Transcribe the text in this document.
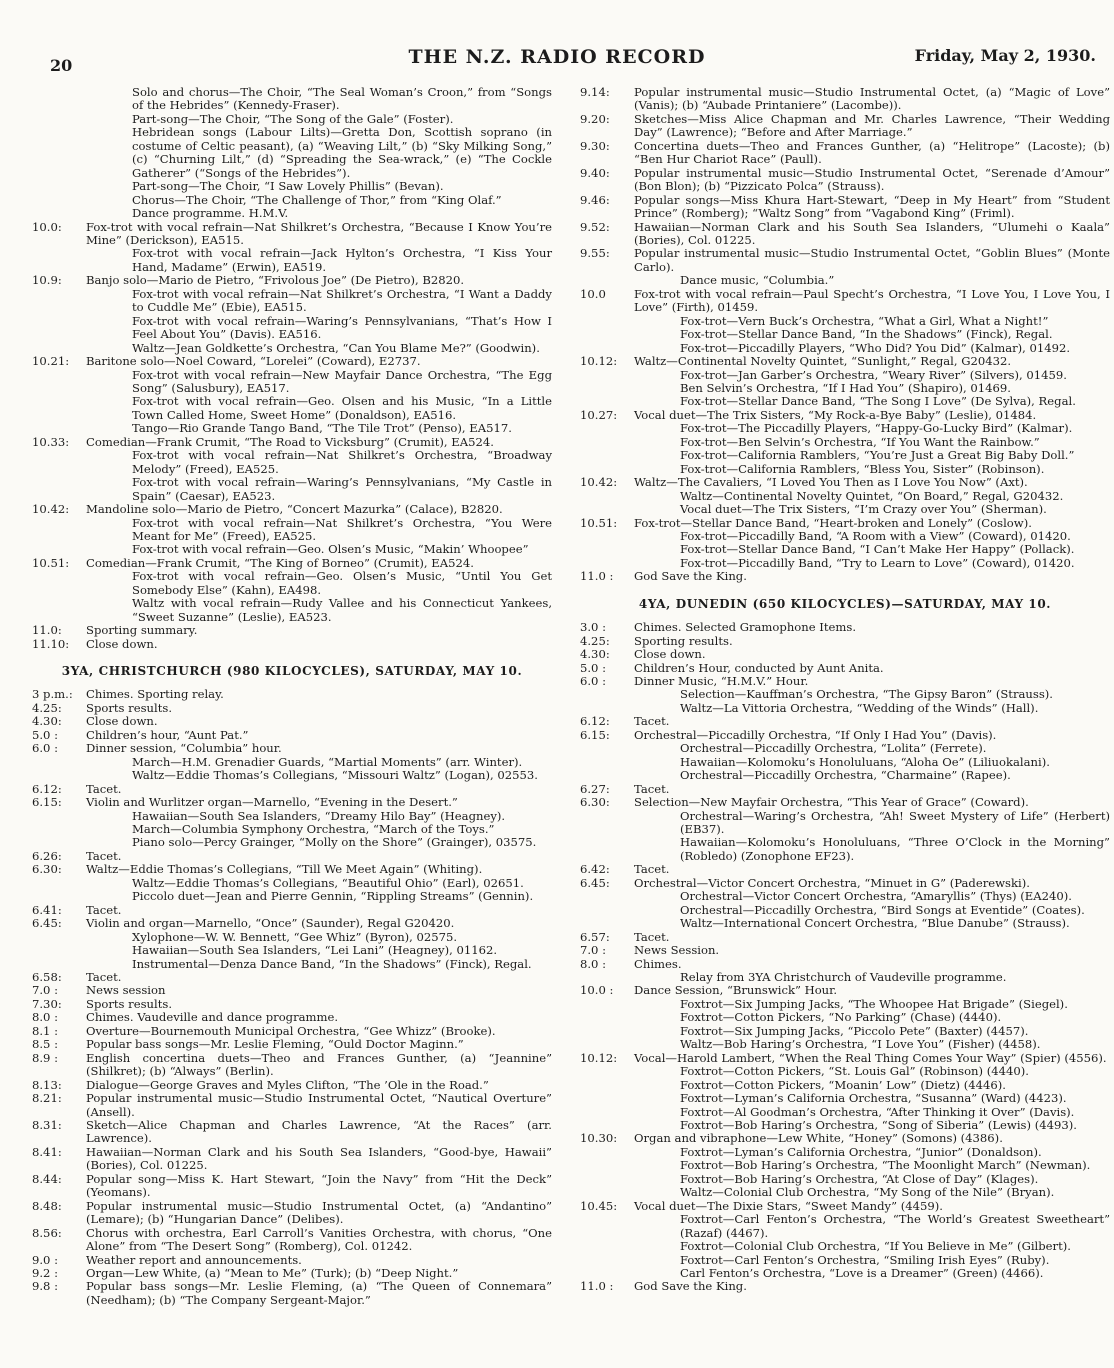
20	THE N.Z. RADIO RECORD	Friday, May 2, 1930.
Solo and chorus—The Choir, “The Seal Woman’s Croon,” from “Songs of the Hebrides” (Kennedy-Fraser).
Part-song—The Choir, “The Song of the Gale” (Foster).
Hebridean songs (Labour Lilts)—Gretta Don, Scottish soprano (in costume of Celtic peasant), (a) “Weaving Lilt,” (b) “Sky Milking Song,” (c) “Churning Lilt,” (d) “Spreading the Sea-wrack,” (e) “The Cockle Gatherer” (“Songs of the Hebrides”).
Part-song—The Choir, “I Saw Lovely Phillis” (Bevan).
Chorus—The Choir, “The Challenge of Thor,” from “King Olaf.”
Dance programme. H.M.V.
10.0:	Fox-trot with vocal refrain—Nat Shilkret’s Orchestra, “Because I Know You’re Mine” (Derickson), EA515.
Fox-trot with vocal refrain—Jack Hylton’s Orchestra, “I Kiss Your Hand, Madame” (Erwin), EA519.
10.9:	Banjo solo—Mario de Pietro, “Frivolous Joe” (De Pietro), B2820.
Fox-trot with vocal refrain—Nat Shilkret’s Orchestra, “I Want a Daddy to Cuddle Me” (Ebie), EA515.
Fox-trot with vocal refrain—Waring’s Pennsylvanians, “That’s How I Feel About You” (Davis). EA516.
Waltz—Jean Goldkette’s Orchestra, “Can You Blame Me?” (Goodwin).
10.21:	Baritone solo—Noel Coward, “Lorelei” (Coward), E2737.
Fox-trot with vocal refrain—New Mayfair Dance Orchestra, “The Egg Song” (Salusbury), EA517.
Fox-trot with vocal refrain—Geo. Olsen and his Music, “In a Little Town Called Home, Sweet Home” (Donaldson), EA516.
Tango—Rio Grande Tango Band, “The Tile Trot” (Penso), EA517.
10.33:	Comedian—Frank Crumit, “The Road to Vicksburg” (Crumit), EA524.
Fox-trot with vocal refrain—Nat Shilkret’s Orchestra, “Broadway Melody” (Freed), EA525.
Fox-trot with vocal refrain—Waring’s Pennsylvanians, “My Castle in Spain” (Caesar), EA523.
10.42:	Mandoline solo—Mario de Pietro, “Concert Mazurka” (Calace), B2820.
Fox-trot with vocal refrain—Nat Shilkret’s Orchestra, “You Were Meant for Me” (Freed), EA525.
Fox-trot with vocal refrain—Geo. Olsen’s Music, “Makin’ Whoopee”
10.51:	Comedian—Frank Crumit, “The King of Borneo” (Crumit), EA524.
Fox-trot with vocal refrain—Geo. Olsen’s Music, “Until You Get Somebody Else” (Kahn), EA498.
Waltz with vocal refrain—Rudy Vallee and his Connecticut Yankees, “Sweet Suzanne” (Leslie), EA523.
11.0:	Sporting summary.
11.10:	Close down.
3YA, CHRISTCHURCH (980 KILOCYCLES), SATURDAY, MAY 10.
3 p.m.:	Chimes. Sporting relay.
4.25:	Sports results.
4.30:	Close down.
5.0 :	Children’s hour, “Aunt Pat.”
6.0 :	Dinner session, “Columbia” hour.
March—H.M. Grenadier Guards, “Martial Moments” (arr. Winter).
Waltz—Eddie Thomas’s Collegians, “Missouri Waltz” (Logan), 02553.
6.12:	Tacet.
6.15:	Violin and Wurlitzer organ—Marnello, “Evening in the Desert.”
Hawaiian—South Sea Islanders, “Dreamy Hilo Bay” (Heagney).
March—Columbia Symphony Orchestra, “March of the Toys.”
Piano solo—Percy Grainger, “Molly on the Shore” (Grainger), 03575.
6.26:	Tacet.
6.30:	Waltz—Eddie Thomas’s Collegians, “Till We Meet Again” (Whiting).
Waltz—Eddie Thomas’s Collegians, “Beautiful Ohio” (Earl), 02651.
Piccolo duet—Jean and Pierre Gennin, “Rippling Streams” (Gennin).
6.41:	Tacet.
6.45:	Violin and organ—Marnello, “Once” (Saunder), Regal G20420.
Xylophone—W. W. Bennett, “Gee Whiz” (Byron), 02575.
Hawaiian—South Sea Islanders, “Lei Lani” (Heagney), 01162.
Instrumental—Denza Dance Band, “In the Shadows” (Finck), Regal.
6.58:	Tacet.
7.0 :	News session
7.30:	Sports results.
8.0 :	Chimes. Vaudeville and dance programme.
8.1 :	Overture—Bournemouth Municipal Orchestra, “Gee Whizz” (Brooke).
8.5 :	Popular bass songs—Mr. Leslie Fleming, “Ould Doctor Maginn.”
8.9 :	English concertina duets—Theo and Frances Gunther, (a) “Jeannine” (Shilkret); (b) “Always” (Berlin).
8.13:	Dialogue—George Graves and Myles Clifton, “The ’Ole in the Road.”
8.21:	Popular instrumental music—Studio Instrumental Octet, “Nautical Overture” (Ansell).
8.31:	Sketch—Alice Chapman and Charles Lawrence, “At the Races” (arr. Lawrence).
8.41:	Hawaiian—Norman Clark and his South Sea Islanders, “Good-bye, Hawaii” (Bories), Col. 01225.
8.44:	Popular song—Miss K. Hart Stewart, “Join the Navy” from “Hit the Deck” (Yeomans).
8.48:	Popular instrumental music—Studio Instrumental Octet, (a) “Andantino” (Lemare); (b) “Hungarian Dance” (Delibes).
8.56:	Chorus with orchestra, Earl Carroll’s Vanities Orchestra, with chorus, “One Alone” from “The Desert Song” (Romberg), Col. 01242.
9.0 :	Weather report and announcements.
9.2 :	Organ—Lew White, (a) “Mean to Me” (Turk); (b) “Deep Night.”
9.8 :	Popular bass songs—Mr. Leslie Fleming, (a) “The Queen of Connemara” (Needham); (b) “The Company Sergeant-Major.”
9.14:	Popular instrumental music—Studio Instrumental Octet, (a) “Magic of Love” (Vanis); (b) “Aubade Printaniere” (Lacombe)).
9.20:	Sketches—Miss Alice Chapman and Mr. Charles Lawrence, “Their Wedding Day” (Lawrence); “Before and After Marriage.”
9.30:	Concertina duets—Theo and Frances Gunther, (a) “Helitrope” (Lacoste); (b) “Ben Hur Chariot Race” (Paull).
9.40:	Popular instrumental music—Studio Instrumental Octet, “Serenade d’Amour” (Bon Blon); (b) “Pizzicato Polca” (Strauss).
9.46:	Popular songs—Miss Khura Hart-Stewart, “Deep in My Heart” from “Student Prince” (Romberg); “Waltz Song” from “Vagabond King” (Friml).
9.52:	Hawaiian—Norman Clark and his South Sea Islanders, “Ulumehi o Kaala” (Bories), Col. 01225.
9.55:	Popular instrumental music—Studio Instrumental Octet, “Goblin Blues” (Monte Carlo).
Dance music, “Columbia.”
10.0	Fox-trot with vocal refrain—Paul Specht’s Orchestra, “I Love You, I Love You, I Love” (Firth), 01459.
Fox-trot—Vern Buck’s Orchestra, “What a Girl, What a Night!”
Fox-trot—Stellar Dance Band, “In the Shadows” (Finck), Regal.
Fox-trot—Piccadilly Players, “Who Did? You Did” (Kalmar), 01492.
10.12:	Waltz—Continental Novelty Quintet, “Sunlight,” Regal, G20432.
Fox-trot—Jan Garber’s Orchestra, “Weary River” (Silvers), 01459.
Ben Selvin’s Orchestra, “If I Had You” (Shapiro), 01469.
Fox-trot—Stellar Dance Band, “The Song I Love” (De Sylva), Regal.
10.27:	Vocal duet—The Trix Sisters, “My Rock-a-Bye Baby” (Leslie), 01484.
Fox-trot—The Piccadilly Players, “Happy-Go-Lucky Bird” (Kalmar).
Fox-trot—Ben Selvin’s Orchestra, “If You Want the Rainbow.”
Fox-trot—California Ramblers, “You’re Just a Great Big Baby Doll.”
Fox-trot—California Ramblers, “Bless You, Sister” (Robinson).
10.42:	Waltz—The Cavaliers, “I Loved You Then as I Love You Now” (Axt).
Waltz—Continental Novelty Quintet, “On Board,” Regal, G20432.
Vocal duet—The Trix Sisters, “I’m Crazy over You” (Sherman).
10.51:	Fox-trot—Stellar Dance Band, “Heart-broken and Lonely” (Coslow).
Fox-trot—Piccadilly Band, “A Room with a View” (Coward), 01420.
Fox-trot—Stellar Dance Band, “I Can’t Make Her Happy” (Pollack).
Fox-trot—Piccadilly Band, “Try to Learn to Love” (Coward), 01420.
11.0 :	God Save the King.
4YA, DUNEDIN (650 KILOCYCLES)—SATURDAY, MAY 10.
3.0 :	Chimes. Selected Gramophone Items.
4.25:	Sporting results.
4.30:	Close down.
5.0 :	Children’s Hour, conducted by Aunt Anita.
6.0 :	Dinner Music, “H.M.V.” Hour.
Selection—Kauffman’s Orchestra, “The Gipsy Baron” (Strauss).
Waltz—La Vittoria Orchestra, “Wedding of the Winds” (Hall).
6.12:	Tacet.
6.15:	Orchestral—Piccadilly Orchestra, “If Only I Had You” (Davis).
Orchestral—Piccadilly Orchestra, “Lolita” (Ferrete).
Hawaiian—Kolomoku’s Honoluluans, “Aloha Oe” (Liliuokalani).
Orchestral—Piccadilly Orchestra, “Charmaine” (Rapee).
6.27:	Tacet.
6.30:	Selection—New Mayfair Orchestra, “This Year of Grace” (Coward).
Orchestral—Waring’s Orchestra, “Ah! Sweet Mystery of Life” (Herbert) (EB37).
Hawaiian—Kolomoku’s Honoluluans, “Three O’Clock in the Morning” (Robledo) (Zonophone EF23).
6.42:	Tacet.
6.45:	Orchestral—Victor Concert Orchestra, “Minuet in G” (Paderewski).
Orchestral—Victor Concert Orchestra, “Amaryllis” (Thys) (EA240).
Orchestral—Piccadilly Orchestra, “Bird Songs at Eventide” (Coates).
Waltz—International Concert Orchestra, “Blue Danube” (Strauss).
6.57:	Tacet.
7.0 :	News Session.
8.0 :	Chimes.
Relay from 3YA Christchurch of Vaudeville programme.
10.0 :	Dance Session, “Brunswick” Hour.
Foxtrot—Six Jumping Jacks, “The Whoopee Hat Brigade” (Siegel).
Foxtrot—Cotton Pickers, “No Parking” (Chase) (4440).
Foxtrot—Six Jumping Jacks, “Piccolo Pete” (Baxter) (4457).
Waltz—Bob Haring’s Orchestra, “I Love You” (Fisher) (4458).
10.12:	Vocal—Harold Lambert, “When the Real Thing Comes Your Way” (Spier) (4556).
Foxtrot—Cotton Pickers, “St. Louis Gal” (Robinson) (4440).
Foxtrot—Cotton Pickers, “Moanin’ Low” (Dietz) (4446).
Foxtrot—Lyman’s California Orchestra, “Susanna” (Ward) (4423).
Foxtrot—Al Goodman’s Orchestra, “After Thinking it Over” (Davis).
Foxtrot—Bob Haring’s Orchestra, “Song of Siberia” (Lewis) (4493).
10.30:	Organ and vibraphone—Lew White, “Honey” (Somons) (4386).
Foxtrot—Lyman’s California Orchestra, “Junior” (Donaldson).
Foxtrot—Bob Haring’s Orchestra, “The Moonlight March” (Newman).
Foxtrot—Bob Haring’s Orchestra, “At Close of Day” (Klages).
Waltz—Colonial Club Orchestra, “My Song of the Nile” (Bryan).
10.45:	Vocal duet—The Dixie Stars, “Sweet Mandy” (4459).
Foxtrot—Carl Fenton’s Orchestra, “The World’s Greatest Sweetheart” (Razaf) (4467).
Foxtrot—Colonial Club Orchestra, “If You Believe in Me” (Gilbert).
Foxtrot—Carl Fenton’s Orchestra, “Smiling Irish Eyes” (Ruby).
Carl Fenton’s Orchestra, “Love is a Dreamer” (Green) (4466).
11.0 :	God Save the King.
